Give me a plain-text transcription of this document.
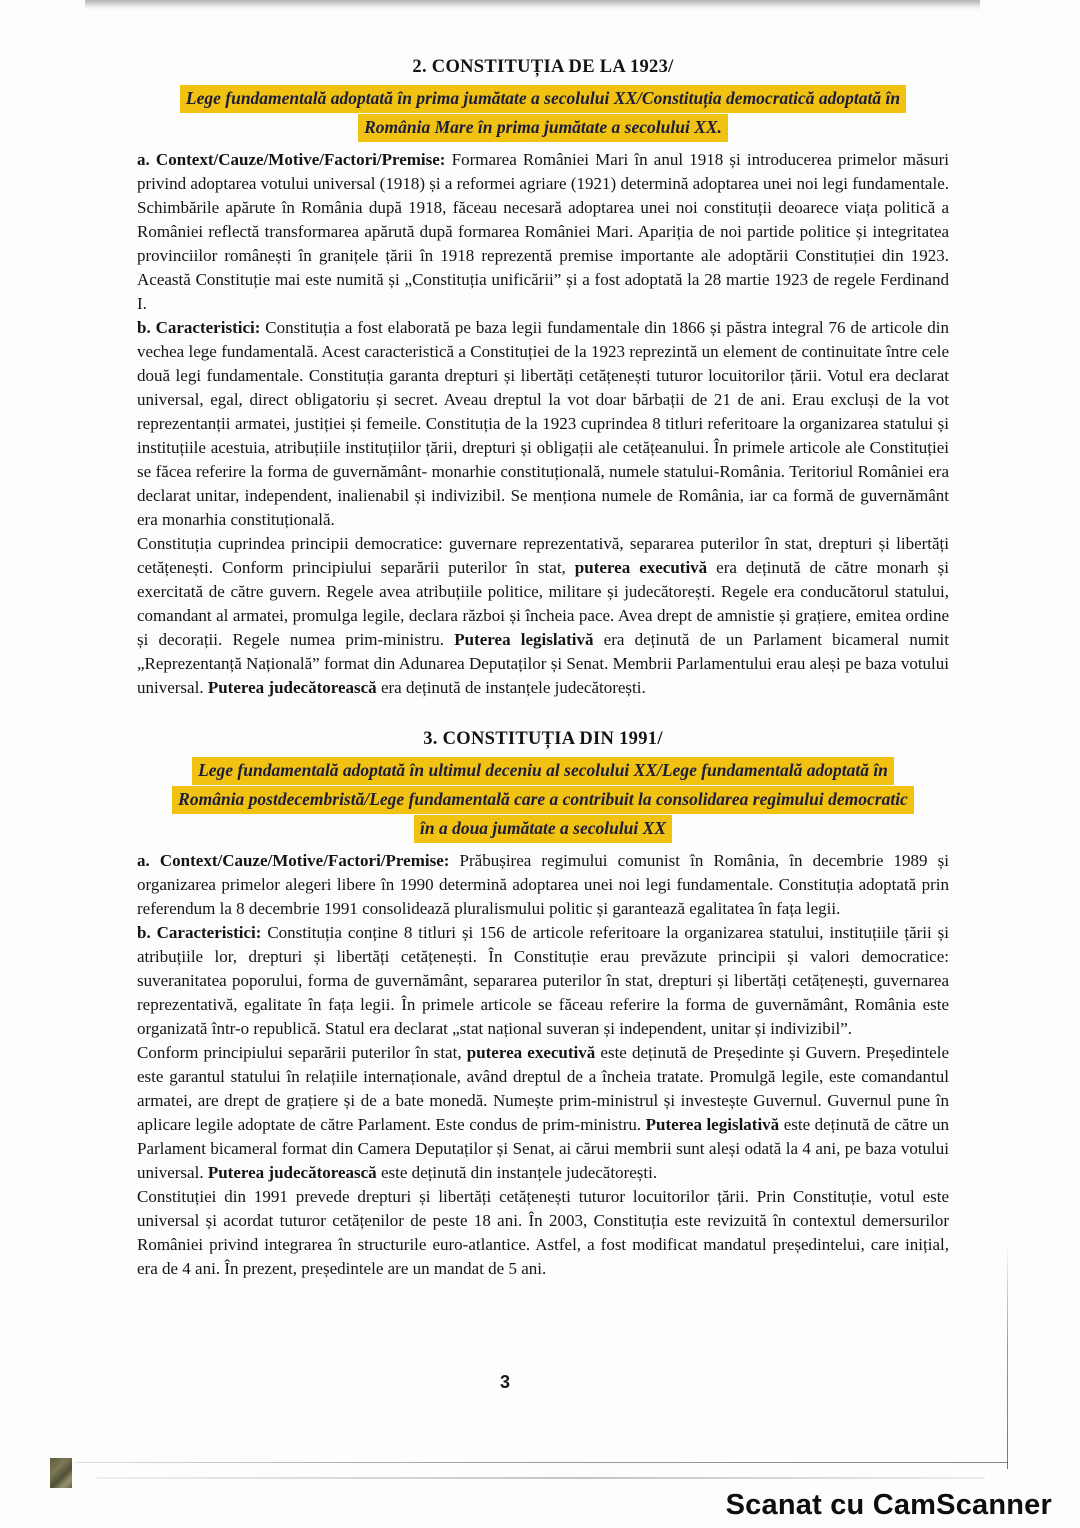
2. CONSTITUȚIA DE LA 1923/
Lege fundamentală adoptată în prima jumătate a secolului XX/Constituția democratică adoptată în
România Mare în prima jumătate a secolului XX.

a. Context/Cauze/Motive/Factori/Premise: Formarea României Mari în anul 1918 și introducerea primelor măsuri privind adoptarea votului universal (1918) și a reformei agriare (1921) determină adoptarea unei noi legi fundamentale. Schimbările apărute în România după 1918, făceau necesară adoptarea unei noi constituții deoarece viața politică a României reflectă transformarea apărută după formarea României Mari. Apariția de noi partide politice și integritatea provinciilor românești în granițele țării în 1918 reprezentă premise importante ale adoptării Constituției din 1923. Această Constituție mai este numită și „Constituția unificării” și a fost adoptată la 28 martie 1923 de regele Ferdinand I.

b. Caracteristici: Constituția a fost elaborată pe baza legii fundamentale din 1866 și păstra integral 76 de articole din vechea lege fundamentală. Acest caracteristică a Constituției de la 1923 reprezintă un element de continuitate între cele două legi fundamentale. Constituția garanta drepturi și libertăți cetățenești tuturor locuitorilor țării. Votul era declarat universal, egal, direct obligatoriu și secret. Aveau dreptul la vot doar bărbații de 21 de ani. Erau excluși de la vot reprezentanții armatei, justiției și femeile. Constituția de la 1923 cuprindea 8 titluri referitoare la organizarea statului și instituțiile acestuia, atribuțiile instituțiilor țării, drepturi și obligații ale cetățeanului. În primele articole ale Constituției se făcea referire la forma de guvernământ- monarhie constituțională, numele statului-România. Teritoriul României era declarat unitar, independent, inalienabil și indivizibil. Se menționa numele de România, iar ca formă de guvernământ era monarhia constituțională.

Constituția cuprindea principii democratice: guvernare reprezentativă, separarea puterilor în stat, drepturi și libertăți cetățenești. Conform principiului separării puterilor în stat, puterea executivă era deținută de către monarh și exercitată de către guvern. Regele avea atribuțiile politice, militare și judecătorești. Regele era conducătorul statului, comandant al armatei, promulga legile, declara război și încheia pace. Avea drept de amnistie și grațiere, emitea ordine și decorații. Regele numea prim-ministru. Puterea legislativă era deținută de un Parlament bicameral numit „Reprezentanță Națională” format din Adunarea Deputaților și Senat. Membrii Parlamentului erau aleși pe baza votului universal. Puterea judecătorească era deținută de instanțele judecătorești.

3. CONSTITUȚIA DIN 1991/
Lege fundamentală adoptată în ultimul deceniu al secolului XX/Lege fundamentală adoptată în
România postdecembristă/Lege fundamentală care a contribuit la consolidarea regimului democratic
în a doua jumătate a secolului XX

a. Context/Cauze/Motive/Factori/Premise: Prăbușirea regimului comunist în România, în decembrie 1989 și organizarea primelor alegeri libere în 1990 determină adoptarea unei noi legi fundamentale. Constituția adoptată prin referendum la 8 decembrie 1991 consolidează pluralismului politic și garantează egalitatea în fața legii.

b. Caracteristici: Constituția conține 8 titluri și 156 de articole referitoare la organizarea statului, instituțiile țării și atribuțiile lor, drepturi și libertăți cetățenești. În Constituție erau prevăzute principii și valori democratice: suveranitatea poporului, forma de guvernământ, separarea puterilor în stat, drepturi și libertăți cetățenești, guvernarea reprezentativă, egalitate în fața legii. În primele articole se făceau referire la forma de guvernământ, România este organizată într-o republică. Statul era declarat „stat național suveran și independent, unitar și indivizibil”.

Conform principiului separării puterilor în stat, puterea executivă este deținută de Președinte și Guvern. Președintele este garantul statului în relațiile internaționale, având dreptul de a încheia tratate. Promulgă legile, este comandantul armatei, are drept de grațiere și de a bate monedă. Numește prim-ministrul și investește Guvernul. Guvernul pune în aplicare legile adoptate de către Parlament. Este condus de prim-ministru. Puterea legislativă este deținută de către un Parlament bicameral format din Camera Deputaților și Senat, ai cărui membrii sunt aleși odată la 4 ani, pe baza votului universal. Puterea judecătorească este deținută din instanțele judecătorești.

Constituției din 1991 prevede drepturi și libertăți cetățenești tuturor locuitorilor țării. Prin Constituție, votul este universal și acordat tuturor cetățenilor de peste 18 ani. În 2003, Constituția este revizuită în contextul demersurilor României privind integrarea în structurile euro-atlantice. Astfel, a fost modificat mandatul președintelui, care inițial, era de 4 ani. În prezent, președintele are un mandat de 5 ani.

3
Scanat cu CamScanner
